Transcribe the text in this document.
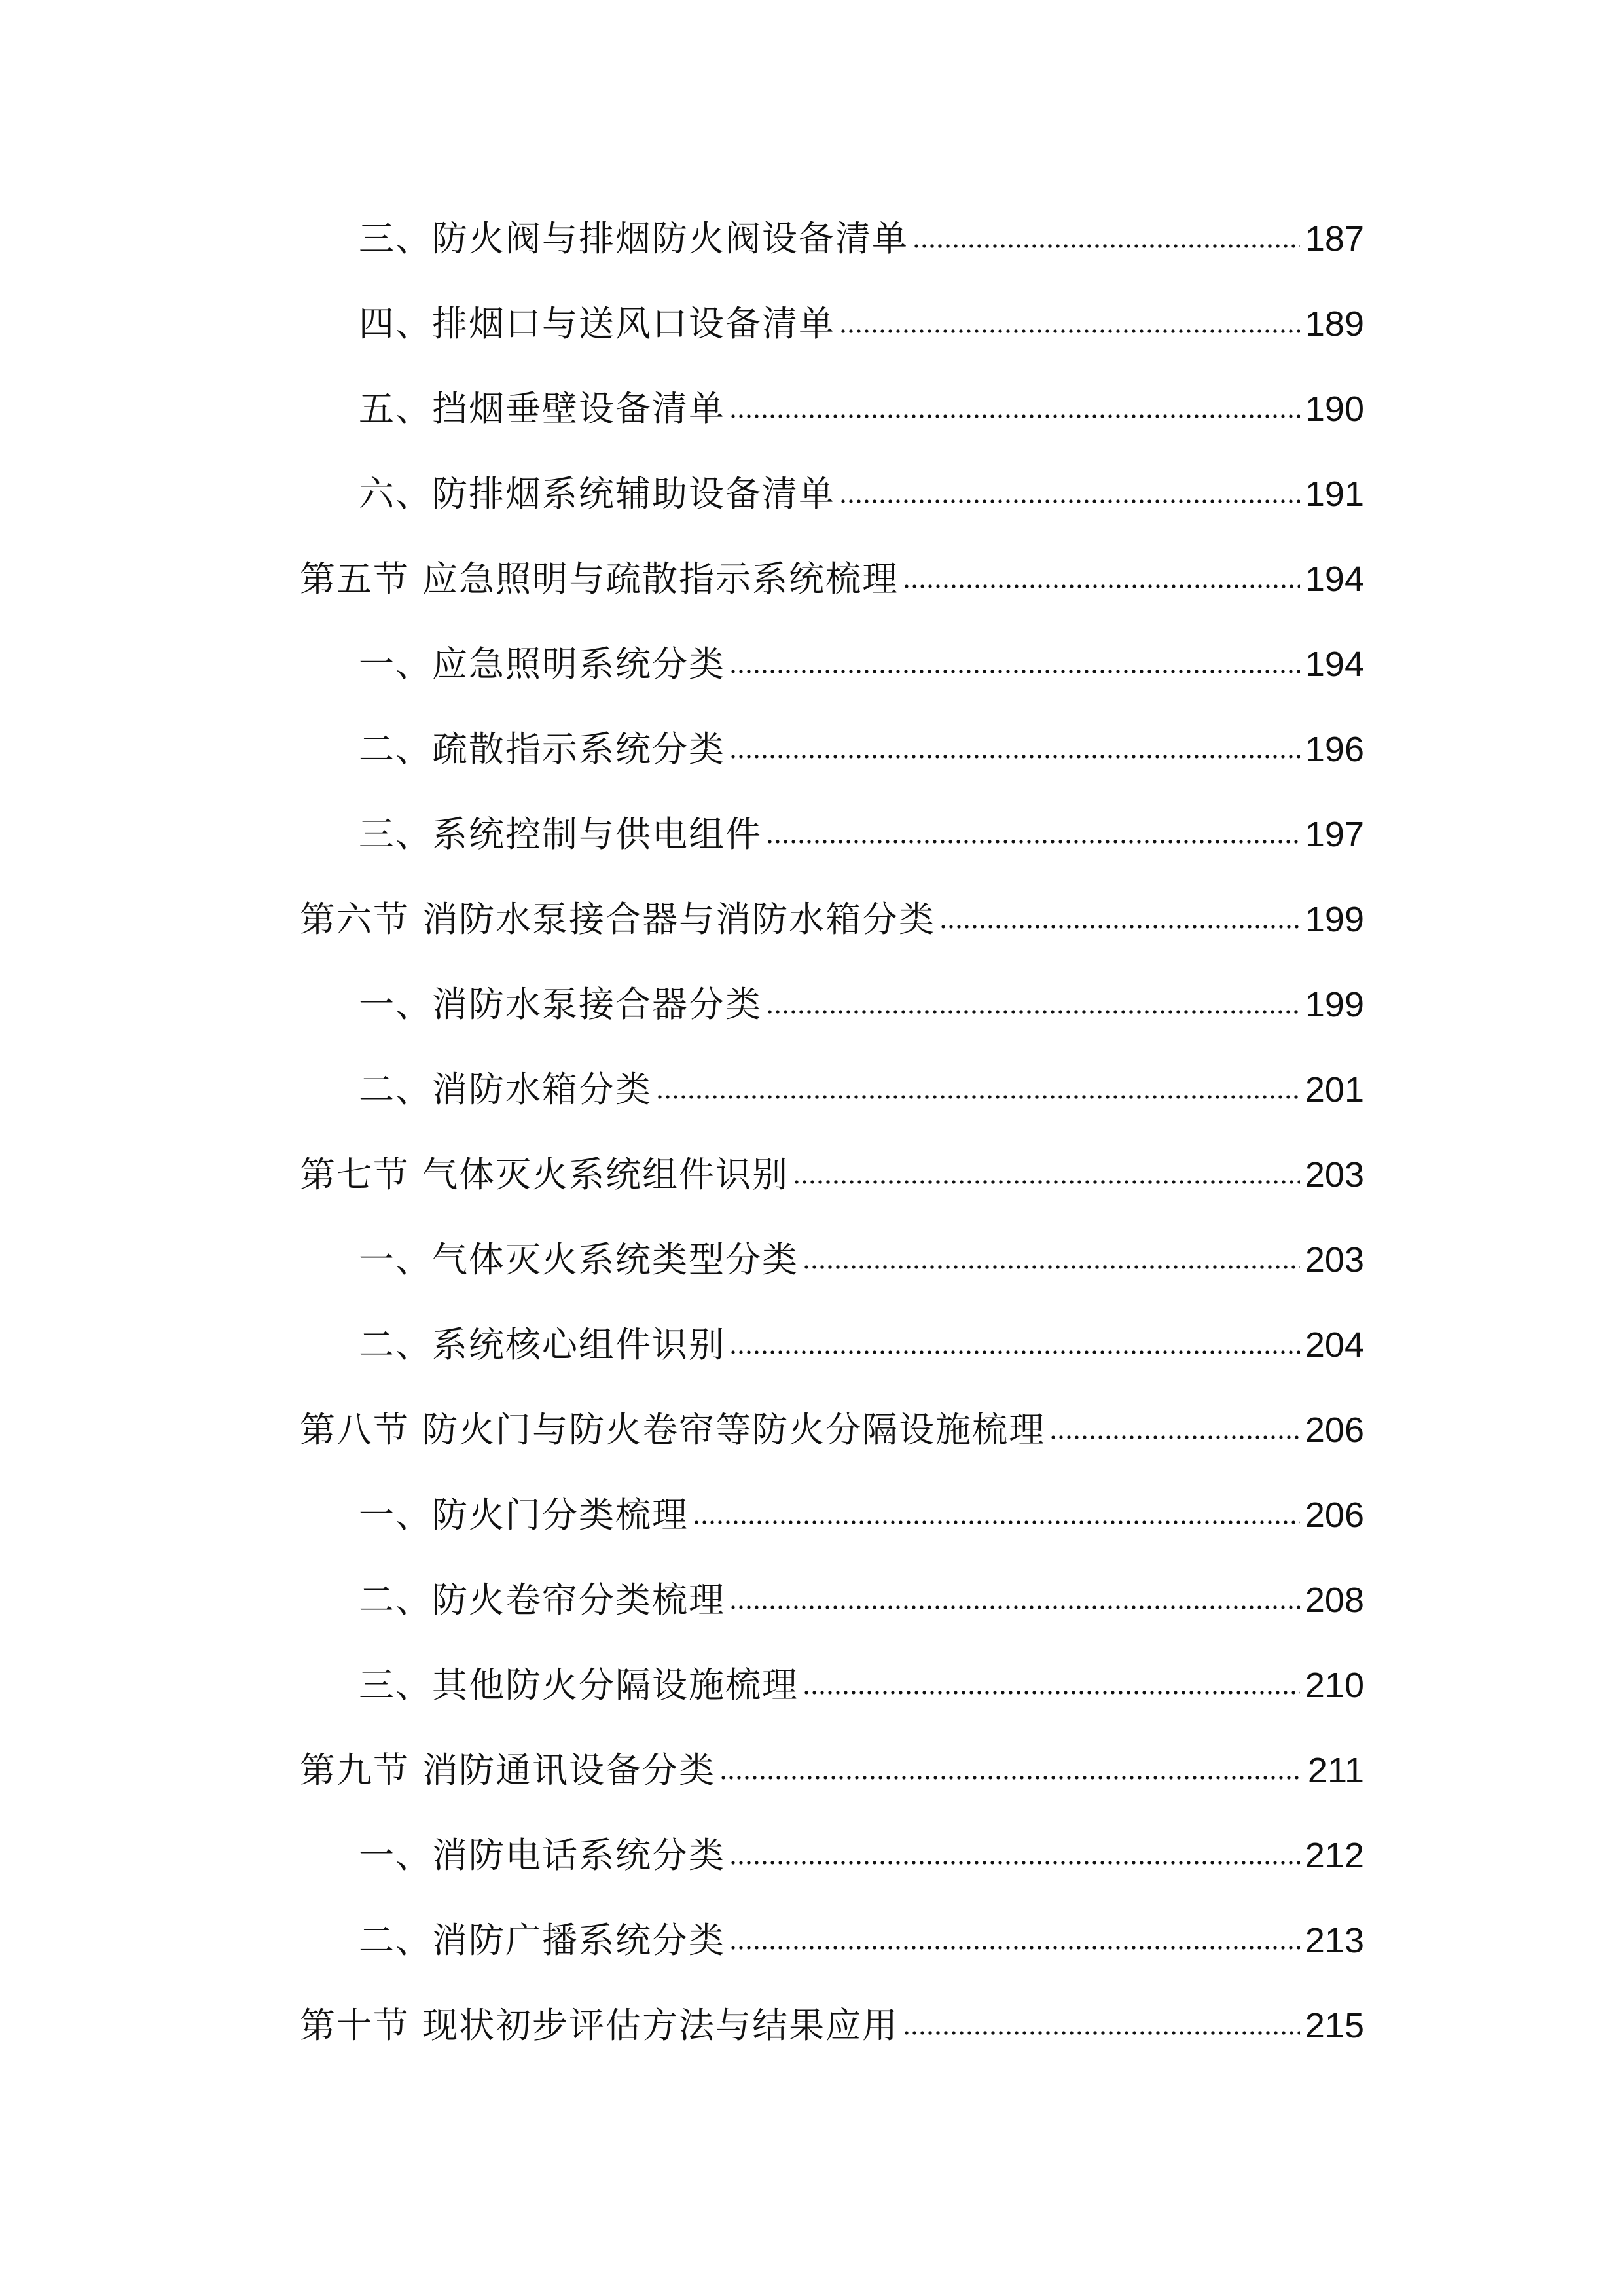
三、防火阀与排烟防火阀设备清单	187
四、排烟口与送风口设备清单	189
五、挡烟垂壁设备清单	190
六、防排烟系统辅助设备清单	191
第五节 应急照明与疏散指示系统梳理	194
一、应急照明系统分类	194
二、疏散指示系统分类	196
三、系统控制与供电组件	197
第六节 消防水泵接合器与消防水箱分类	199
一、消防水泵接合器分类	199
二、消防水箱分类	201
第七节 气体灭火系统组件识别	203
一、气体灭火系统类型分类	203
二、系统核心组件识别	204
第八节 防火门与防火卷帘等防火分隔设施梳理	206
一、防火门分类梳理	206
二、防火卷帘分类梳理	208
三、其他防火分隔设施梳理	210
第九节 消防通讯设备分类	211
一、消防电话系统分类	212
二、消防广播系统分类	213
第十节 现状初步评估方法与结果应用	215
